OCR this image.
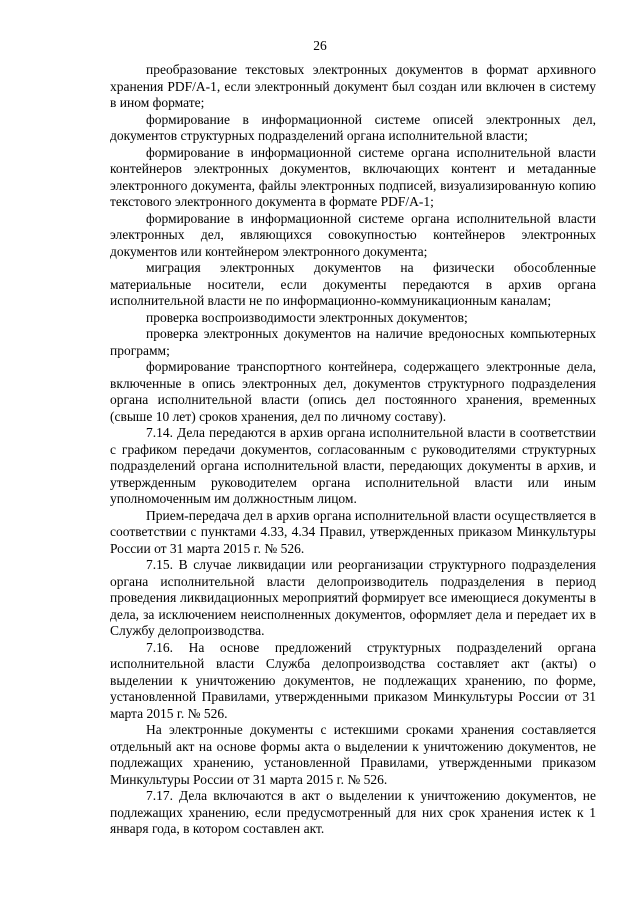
26

преобразование текстовых электронных документов в формат архивного хранения PDF/A-1, если электронный документ был создан или включен в систему в ином формате;

формирование в информационной системе описей электронных дел, документов структурных подразделений органа исполнительной власти;

формирование в информационной системе органа исполнительной власти контейнеров электронных документов, включающих контент и метаданные электронного документа, файлы электронных подписей, визуализированную копию текстового электронного документа в формате PDF/A-1;

формирование в информационной системе органа исполнительной власти электронных дел, являющихся совокупностью контейнеров электронных документов или контейнером электронного документа;

миграция электронных документов на физически обособленные материальные носители, если документы передаются в архив органа исполнительной власти не по информационно-коммуникационным каналам;

проверка воспроизводимости электронных документов;

проверка электронных документов на наличие вредоносных компьютерных программ;

формирование транспортного контейнера, содержащего электронные дела, включенные в опись электронных дел, документов структурного подразделения органа исполнительной власти (опись дел постоянного хранения, временных (свыше 10 лет) сроков хранения, дел по личному составу).

7.14. Дела передаются в архив органа исполнительной власти в соответствии с графиком передачи документов, согласованным с руководителями структурных подразделений органа исполнительной власти, передающих документы в архив, и утвержденным руководителем органа исполнительной власти или иным уполномоченным им должностным лицом.

Прием-передача дел в архив органа исполнительной власти осуществляется в соответствии с пунктами 4.33, 4.34 Правил, утвержденных приказом Минкультуры России от 31 марта 2015 г. № 526.

7.15. В случае ликвидации или реорганизации структурного подразделения органа исполнительной власти делопроизводитель подразделения в период проведения ликвидационных мероприятий формирует все имеющиеся документы в дела, за исключением неисполненных документов, оформляет дела и передает их в Службу делопроизводства.

7.16. На основе предложений структурных подразделений органа исполнительной власти Служба делопроизводства составляет акт (акты) о выделении к уничтожению документов, не подлежащих хранению, по форме, установленной Правилами, утвержденными приказом Минкультуры России от 31 марта 2015 г. № 526.

На электронные документы с истекшими сроками хранения составляется отдельный акт на основе формы акта о выделении к уничтожению документов, не подлежащих хранению, установленной Правилами, утвержденными приказом Минкультуры России от 31 марта 2015 г. № 526.

7.17. Дела включаются в акт о выделении к уничтожению документов, не подлежащих хранению, если предусмотренный для них срок хранения истек к 1 января года, в котором составлен акт.
